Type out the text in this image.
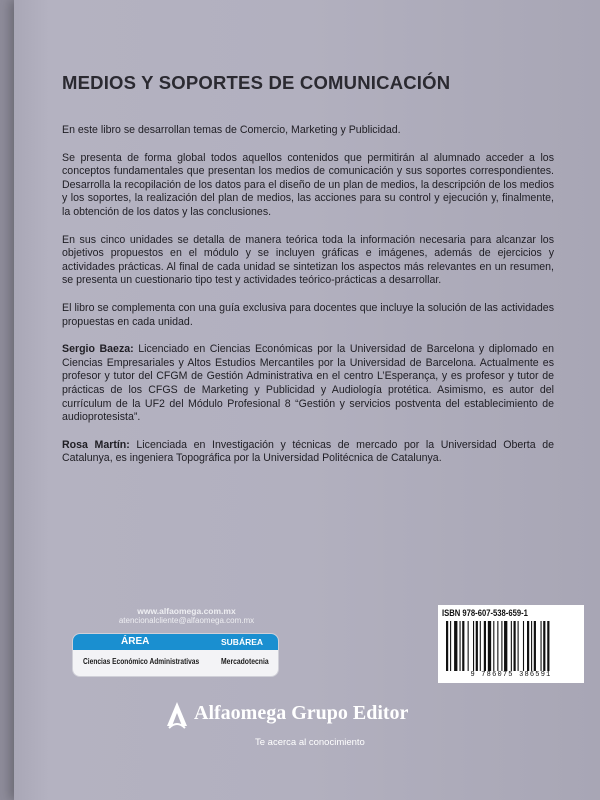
MEDIOS Y SOPORTES DE COMUNICACIÓN

En este libro se desarrollan temas de Comercio, Marketing y Publicidad.

Se presenta de forma global todos aquellos contenidos que permitirán al alumnado acceder a los conceptos fundamentales que presentan los medios de comunicación y sus soportes correspondientes. Desarrolla la recopilación de los datos para el diseño de un plan de medios, la descripción de los medios y los soportes, la realización del plan de medios, las acciones para su control y ejecución y, finalmente, la obtención de los datos y las conclusiones.

En sus cinco unidades se detalla de manera teórica toda la información necesaria para alcanzar los objetivos propuestos en el módulo y se incluyen gráficas e imágenes, además de ejercicios y actividades prácticas. Al final de cada unidad se sintetizan los aspectos más relevantes en un resumen, se presenta un cuestionario tipo test y actividades teórico-prácticas a desarrollar.

El libro se complementa con una guía exclusiva para docentes que incluye la solución de las actividades propuestas en cada unidad.

Sergio Baeza: Licenciado en Ciencias Económicas por la Universidad de Barcelona y diplomado en Ciencias Empresariales y Altos Estudios Mercantiles por la Universidad de Barcelona. Actualmente es profesor y tutor del CFGM de Gestión Administrativa en el centro L’Esperança, y es profesor y tutor de prácticas de los CFGS de Marketing y Publicidad y Audiología protética. Asimismo, es autor del currículum de la UF2 del Módulo Profesional 8 “Gestión y servicios postventa del establecimiento de audioprotesista”.

Rosa Martín: Licenciada en Investigación y técnicas de mercado por la Universidad Oberta de Catalunya, es ingeniera Topográfica por la Universidad Politécnica de Catalunya.

www.alfaomega.com.mx
atencionalcliente@alfaomega.com.mx
ÁREA	SUBÁREA
Ciencias Económico Administrativas	Mercadotecnia
ISBN 978-607-538-659-1
9 786075 386591
Alfaomega Grupo Editor
Te acerca al conocimiento
